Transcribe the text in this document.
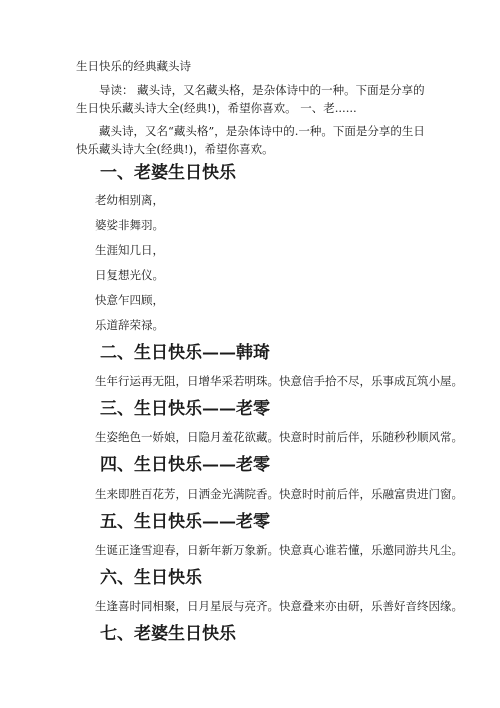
生日快乐的经典藏头诗

导读： 藏头诗，又名藏头格，是杂体诗中的一种。下面是分享的生日快乐藏头诗大全(经典!)，希望你喜欢。 一、老......

藏头诗，又名“藏头格”，是杂体诗中的.一种。下面是分享的生日快乐藏头诗大全(经典!)，希望你喜欢。

一、老婆生日快乐

老幼相别离，

婆娑非舞羽。

生涯知几日，

日复想光仪。

快意乍四顾，

乐道辞荣禄。

二、生日快乐——韩琦

生年行运再无阻，日增华采若明珠。快意信手拾不尽，乐事成瓦筑小屋。

三、生日快乐——老零

生姿绝色一娇娘，日隐月羞花欲藏。快意时时前后伴，乐随秒秒顺风常。

四、生日快乐——老零

生来即胜百花芳，日洒金光满院香。快意时时前后伴，乐融富贵进门窗。

五、生日快乐——老零

生诞正逢雪迎春，日新年新万象新。快意真心谁若懂，乐邀同游共凡尘。

六、生日快乐

生逢喜时同相聚，日月星辰与亮齐。快意叠来亦由研，乐善好音终因缘。

七、老婆生日快乐
